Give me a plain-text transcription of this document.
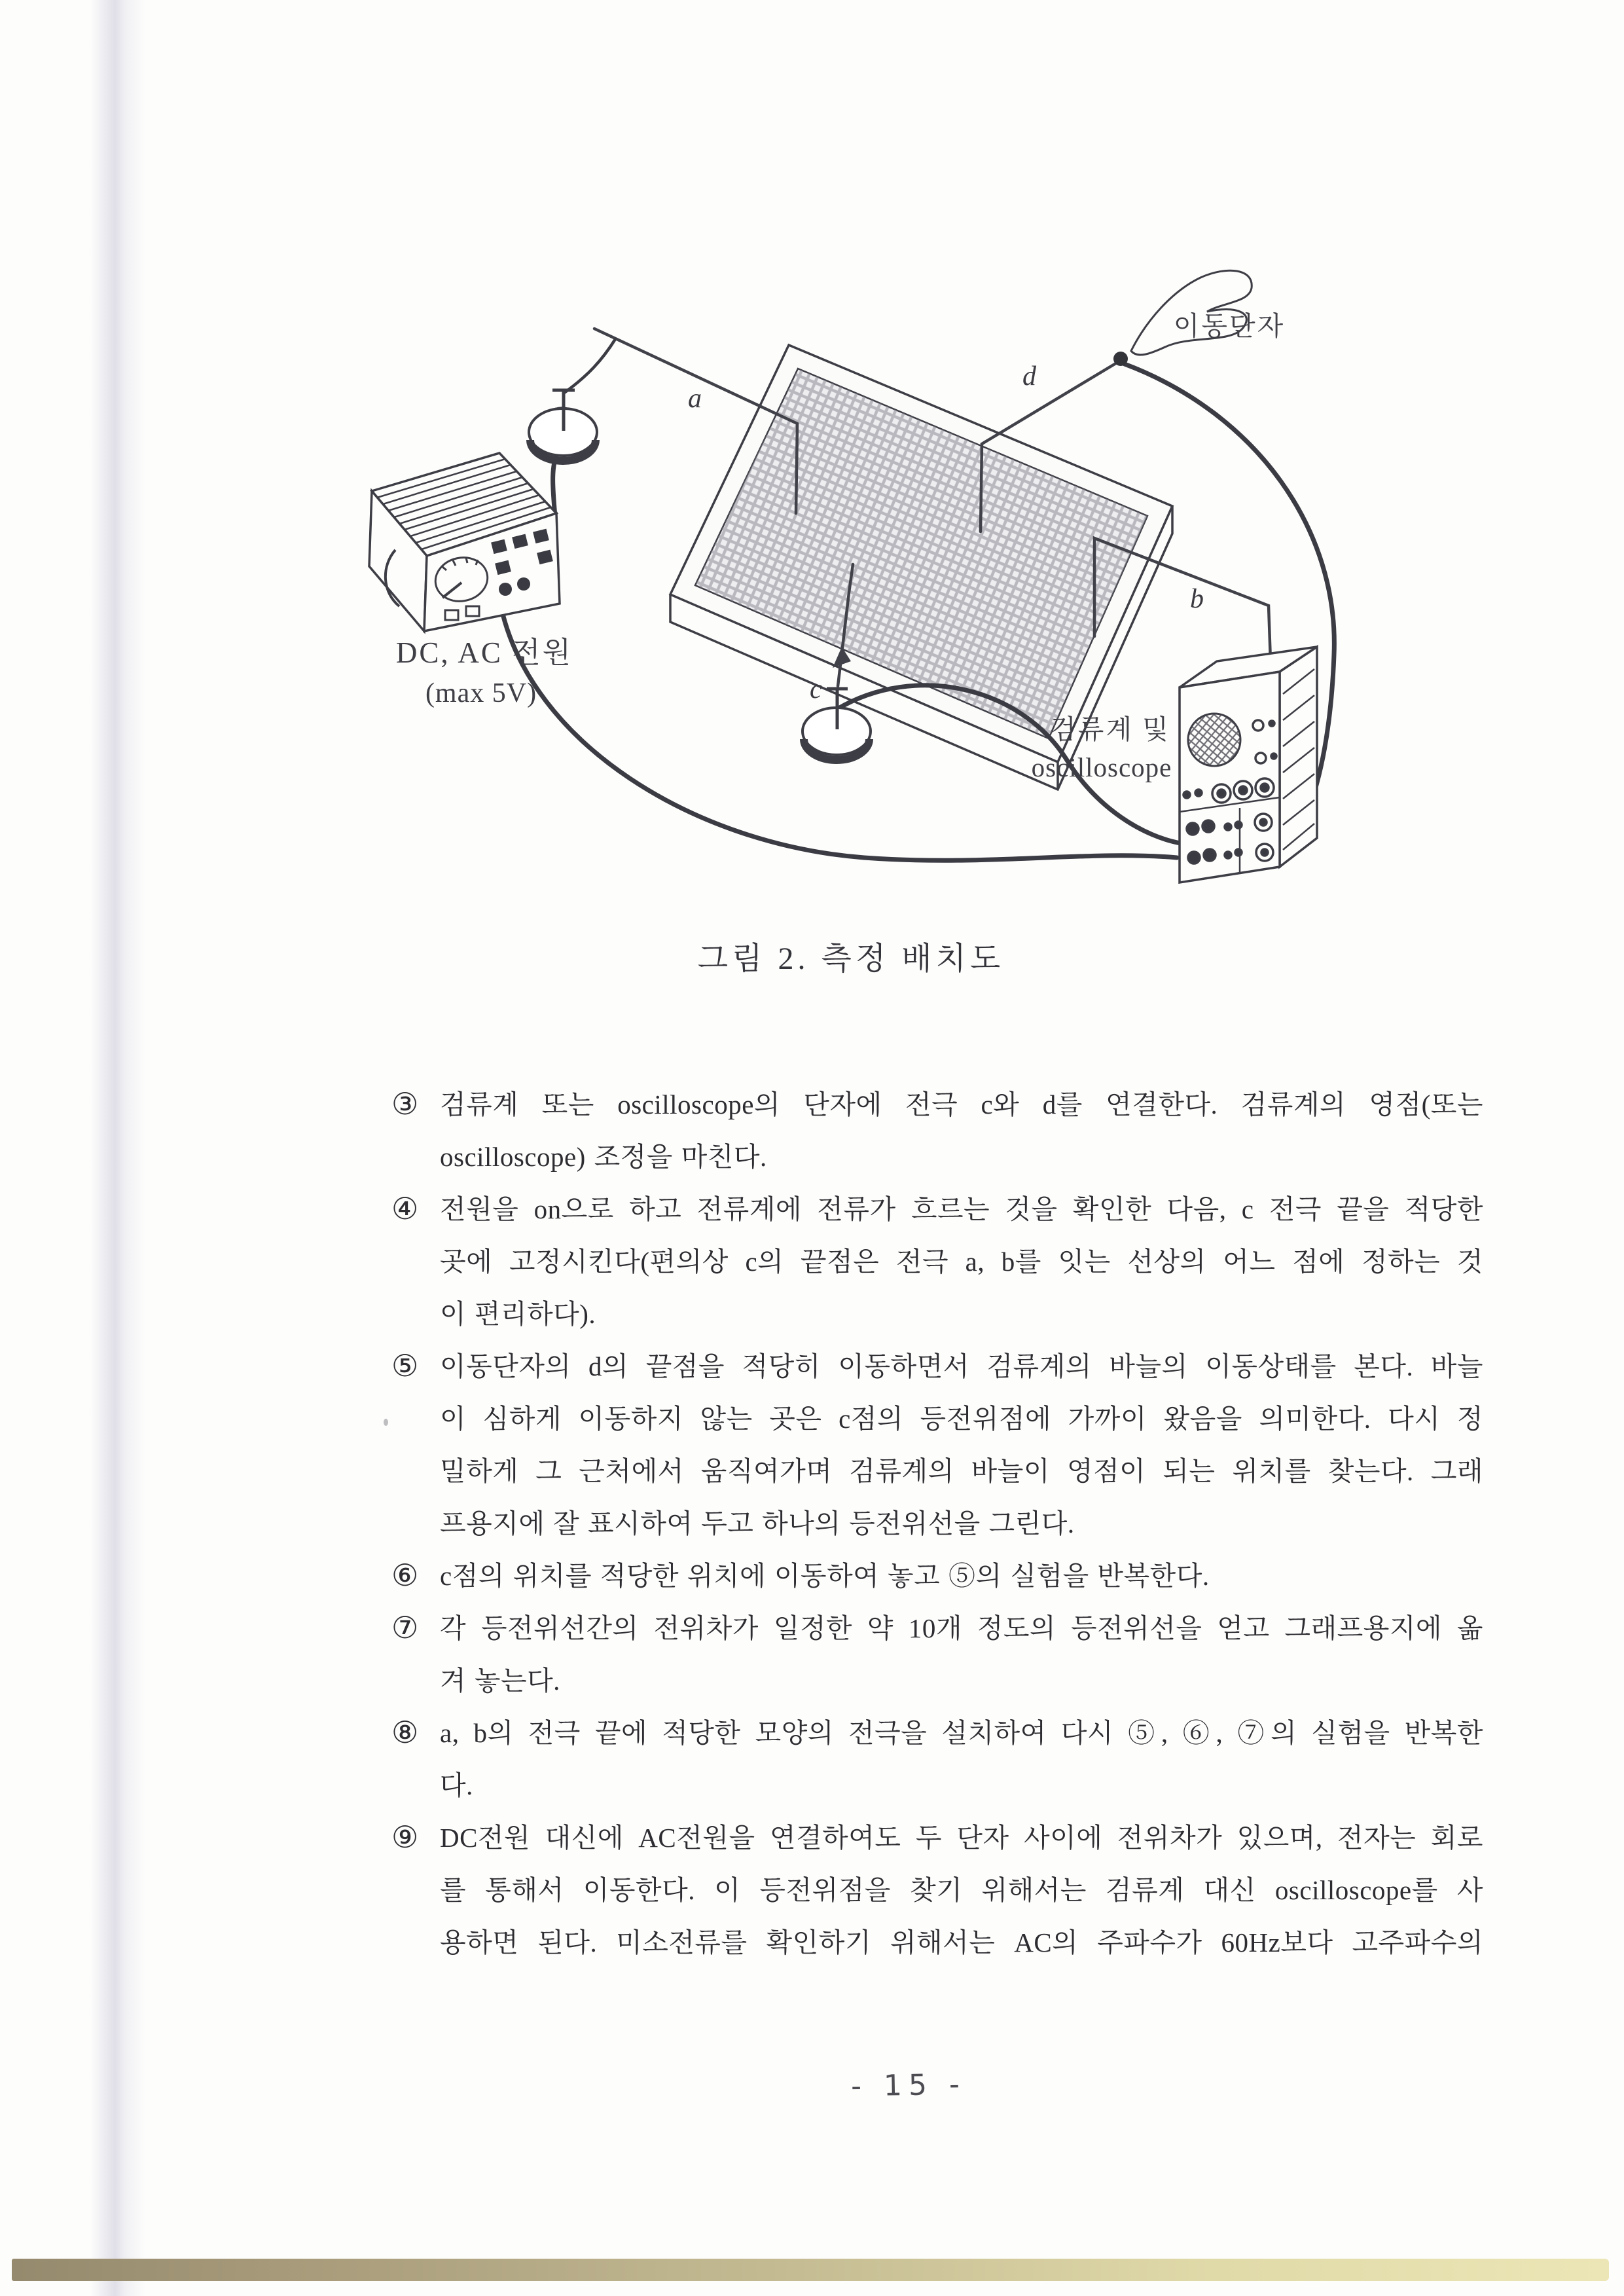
a
d
b
c
DC, AC 전원
(max 5V)
이동단자
검류계 및
oscilloscope
그림 2. 측정 배치도
③ 검류계 또는 oscilloscope의 단자에 전극 c와 d를 연결한다. 검류계의 영점(또는
oscilloscope) 조정을 마친다.
④ 전원을 on으로 하고 전류계에 전류가 흐르는 것을 확인한 다음, c 전극 끝을 적당한
곳에 고정시킨다(편의상 c의 끝점은 전극 a, b를 잇는 선상의 어느 점에 정하는 것
이 편리하다).
⑤ 이동단자의 d의 끝점을 적당히 이동하면서 검류계의 바늘의 이동상태를 본다. 바늘
이 심하게 이동하지 않는 곳은 c점의 등전위점에 가까이 왔음을 의미한다. 다시 정
밀하게 그 근처에서 움직여가며 검류계의 바늘이 영점이 되는 위치를 찾는다. 그래
프용지에 잘 표시하여 두고 하나의 등전위선을 그린다.
⑥ c점의 위치를 적당한 위치에 이동하여 놓고 ⑤의 실험을 반복한다.
⑦ 각 등전위선간의 전위차가 일정한 약 10개 정도의 등전위선을 얻고 그래프용지에 옮
겨 놓는다.
⑧ a, b의 전극 끝에 적당한 모양의 전극을 설치하여 다시 ⑤, ⑥, ⑦의 실험을 반복한
다.
⑨ DC전원 대신에 AC전원을 연결하여도 두 단자 사이에 전위차가 있으며, 전자는 회로
를 통해서 이동한다. 이 등전위점을 찾기 위해서는 검류계 대신 oscilloscope를 사
용하면 된다. 미소전류를 확인하기 위해서는 AC의 주파수가 60Hz보다 고주파수의
- 15 -
